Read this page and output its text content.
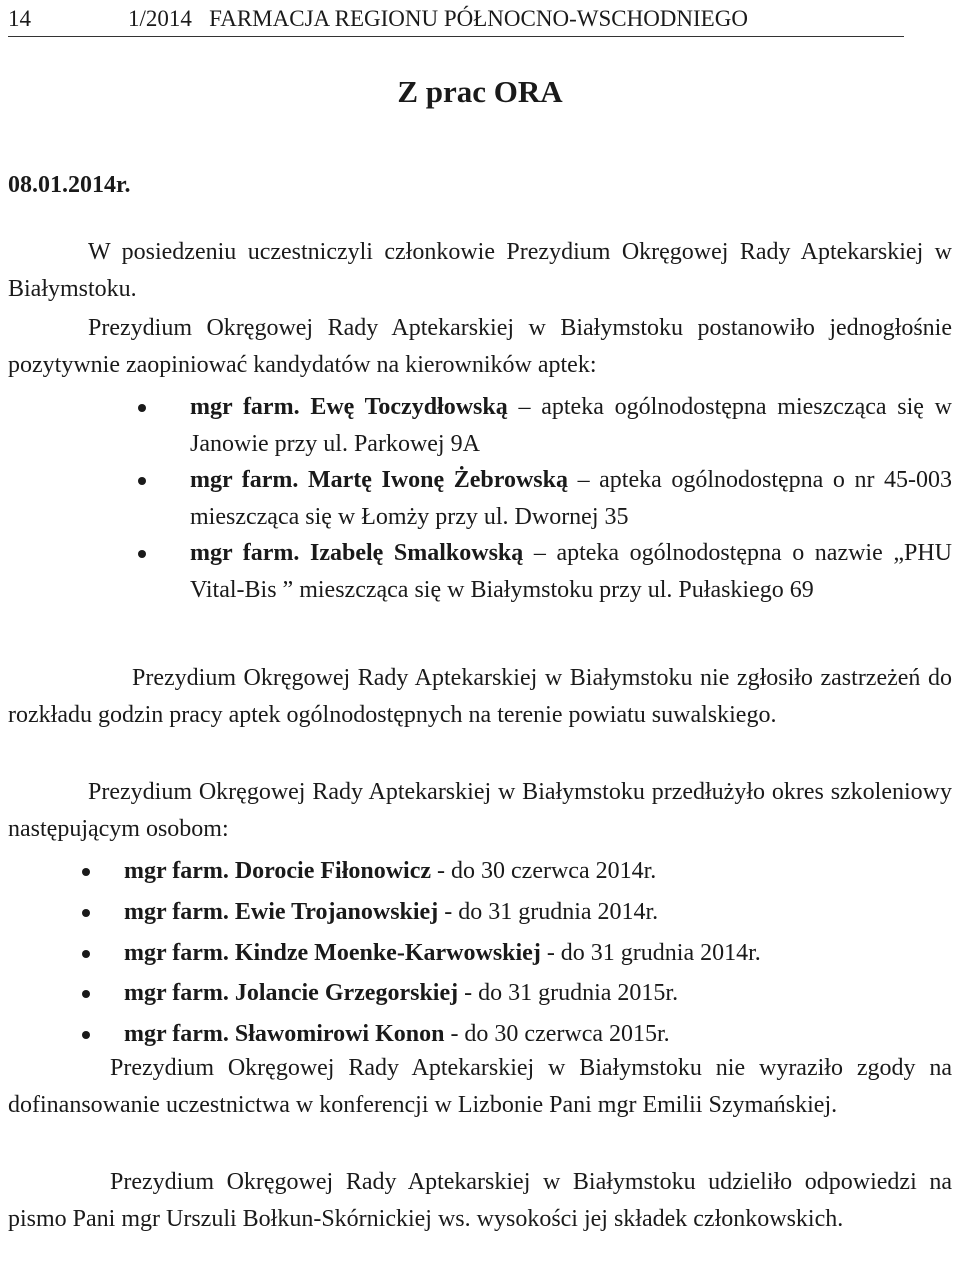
14	1/2014   FARMACJA REGIONU PÓŁNOCNO-WSCHODNIEGO
Z prac ORA
08.01.2014r.

W posiedzeniu uczestniczyli członkowie Prezydium Okręgowej Rady Aptekarskiej w Białymstoku.

Prezydium Okręgowej Rady Aptekarskiej w Białymstoku postanowiło jednogłośnie pozytywnie zaopiniować kandydatów na kierowników aptek:

mgr farm. Ewę Toczydłowską – apteka ogólnodostępna mieszcząca się w Janowie przy ul. Parkowej 9A
mgr farm. Martę Iwonę Żebrowską – apteka ogólnodostępna o nr 45-003 mieszcząca się w Łomży przy ul. Dwornej 35
mgr farm. Izabelę Smalkowską – apteka ogólnodostępna o nazwie „PHU Vital-Bis ” mieszcząca się w Białymstoku przy ul. Pułaskiego 69

Prezydium Okręgowej Rady Aptekarskiej w Białymstoku nie zgłosiło zastrzeżeń do rozkładu godzin pracy aptek ogólnodostępnych na terenie powiatu suwalskiego.

Prezydium Okręgowej Rady Aptekarskiej w Białymstoku przedłużyło okres szkoleniowy następującym osobom:

mgr farm. Dorocie Fiłonowicz - do 30 czerwca 2014r.
mgr farm. Ewie Trojanowskiej - do 31 grudnia 2014r.
mgr farm. Kindze Moenke-Karwowskiej - do 31 grudnia 2014r.
mgr farm. Jolancie Grzegorskiej - do 31 grudnia 2015r.
mgr farm. Sławomirowi Konon - do 30 czerwca 2015r.

Prezydium Okręgowej Rady Aptekarskiej w Białymstoku nie wyraziło zgody na dofinansowanie uczestnictwa w konferencji w Lizbonie Pani mgr Emilii Szymańskiej.

Prezydium Okręgowej Rady Aptekarskiej w Białymstoku udzieliło odpowiedzi na pismo Pani mgr Urszuli Bołkun-Skórnickiej ws. wysokości jej składek członkowskich.
